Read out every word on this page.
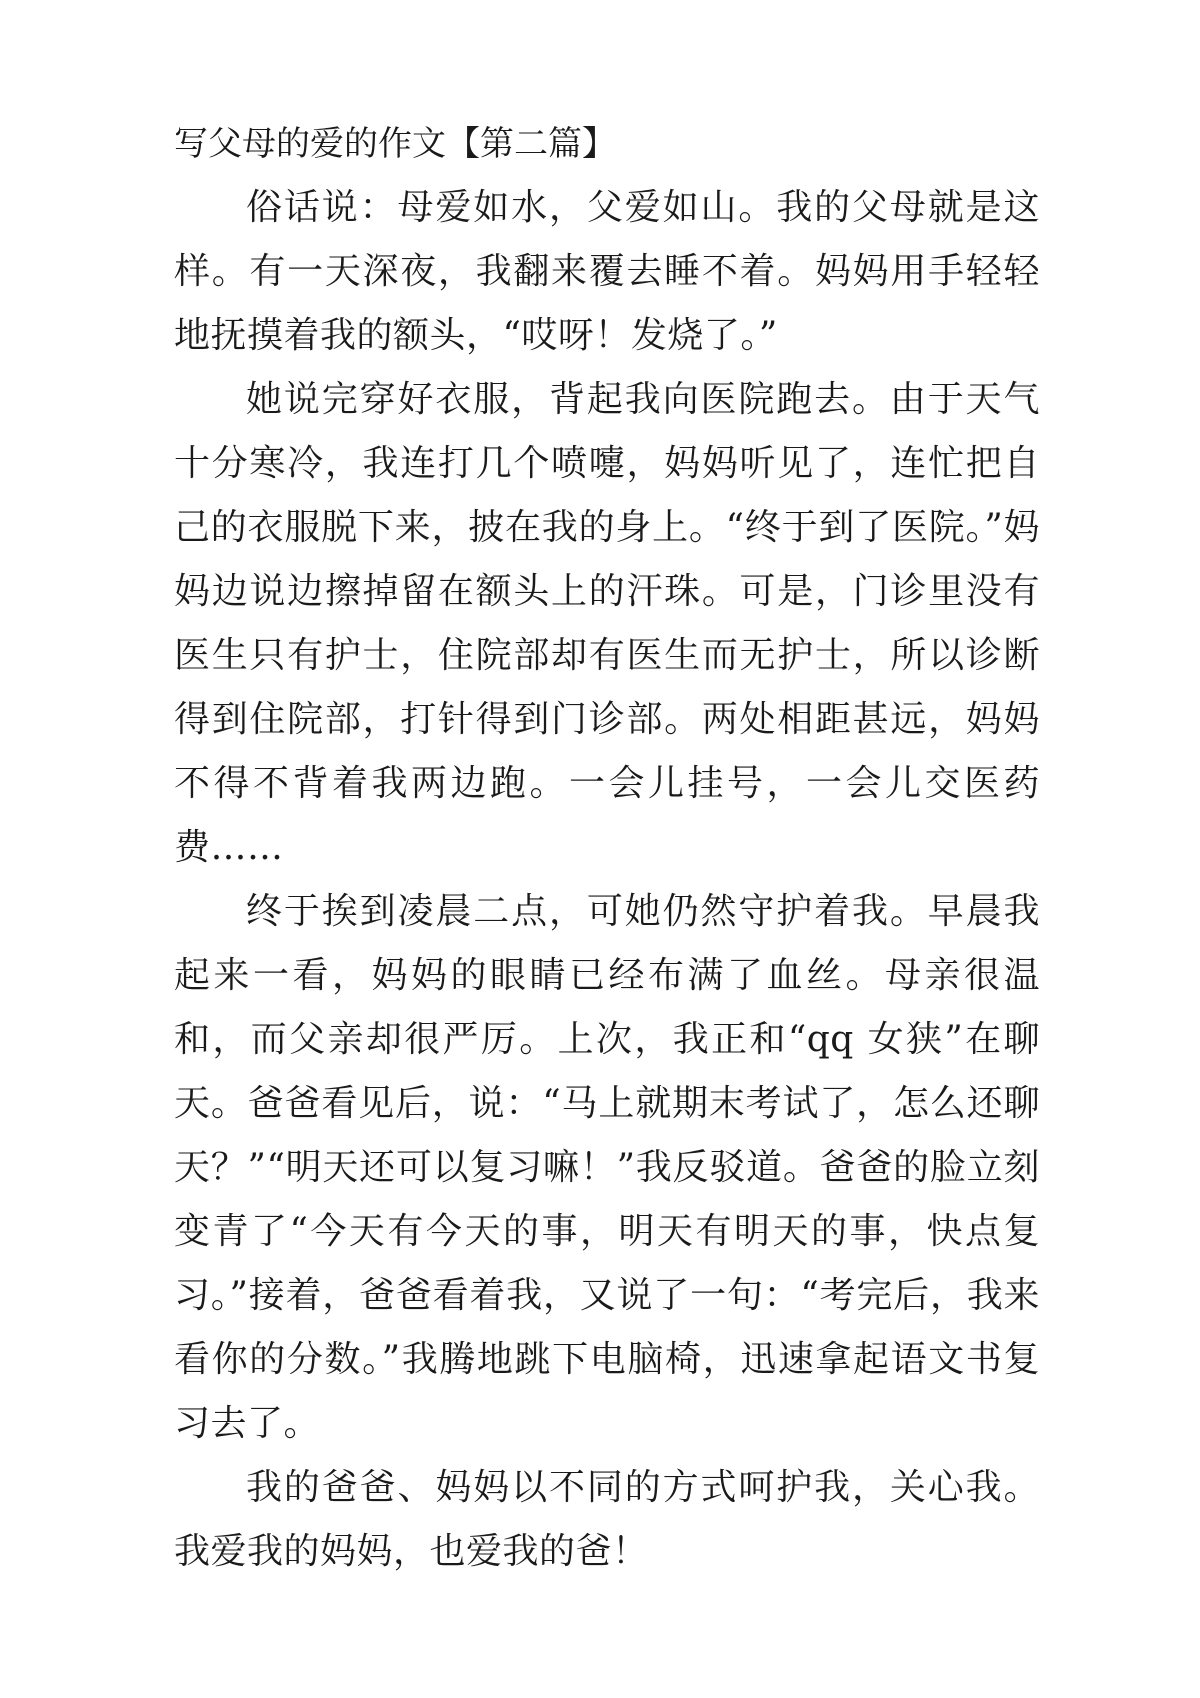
写父母的爱的作文【第二篇】

俗话说：母爱如水，父爱如山。我的父母就是这样。有一天深夜，我翻来覆去睡不着。妈妈用手轻轻地抚摸着我的额头，“哎呀！发烧了。”

她说完穿好衣服，背起我向医院跑去。由于天气十分寒冷，我连打几个喷嚏，妈妈听见了，连忙把自己的衣服脱下来，披在我的身上。“终于到了医院。”妈妈边说边擦掉留在额头上的汗珠。可是，门诊里没有医生只有护士，住院部却有医生而无护士，所以诊断得到住院部，打针得到门诊部。两处相距甚远，妈妈不得不背着我两边跑。一会儿挂号，一会儿交医药费……

终于挨到凌晨二点，可她仍然守护着我。早晨我起来一看，妈妈的眼睛已经布满了血丝。母亲很温和，而父亲却很严厉。上次，我正和“qq 女狭”在聊天。爸爸看见后，说：“马上就期末考试了，怎么还聊天？”“明天还可以复习嘛！”我反驳道。爸爸的脸立刻变青了“今天有今天的事，明天有明天的事，快点复习。”接着，爸爸看着我，又说了一句：“考完后，我来看你的分数。”我腾地跳下电脑椅，迅速拿起语文书复习去了。

我的爸爸、妈妈以不同的方式呵护我，关心我。我爱我的妈妈，也爱我的爸！
